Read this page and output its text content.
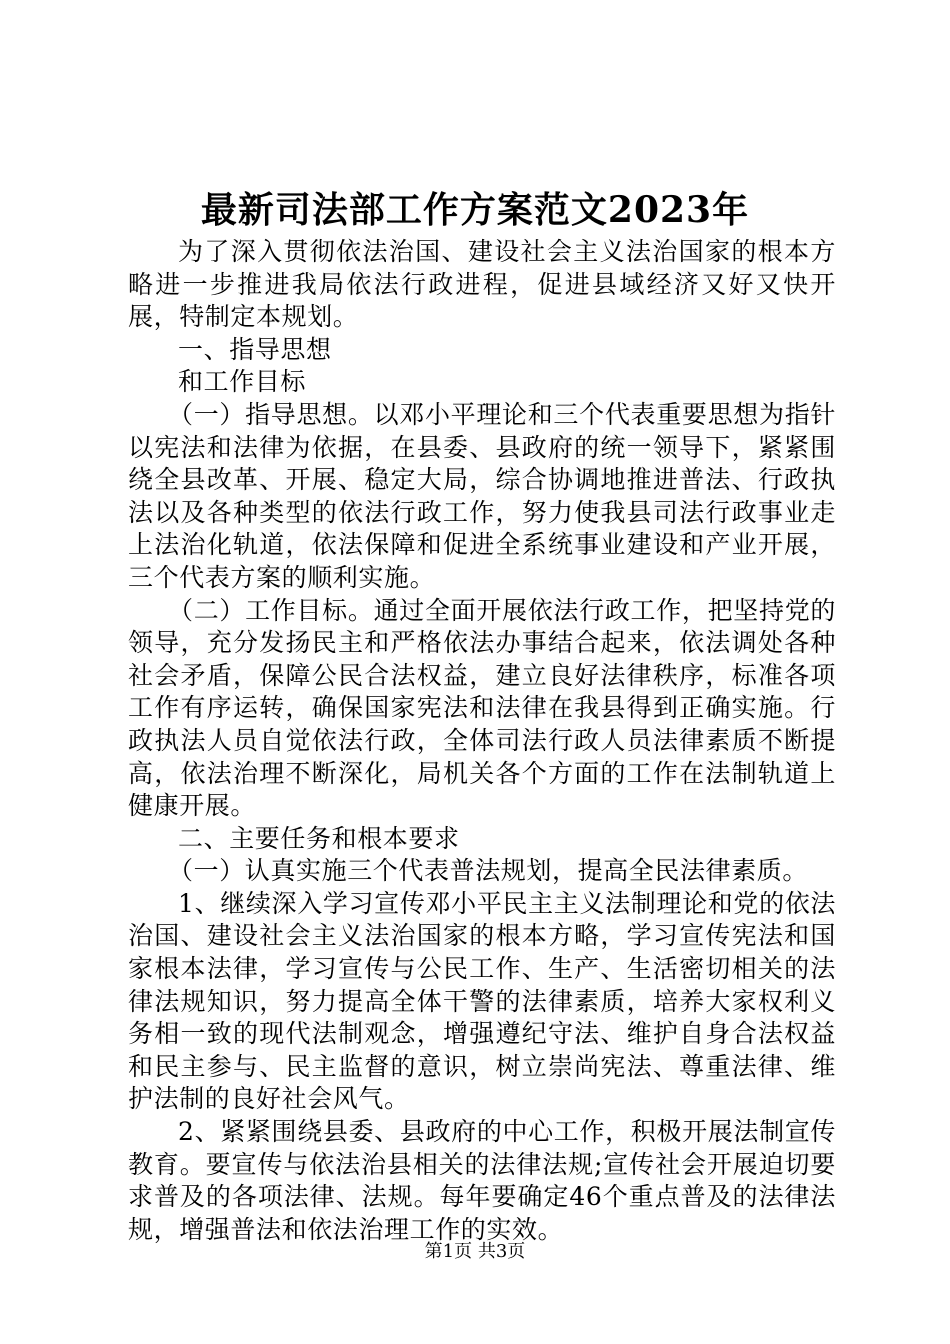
最新司法部工作方案范文2023年

为了深入贯彻依法治国、建设社会主义法治国家的根本方略进一步推进我局依法行政进程，促进县域经济又好又快开展，特制定本规划。

一、指导思想

和工作目标

（一）指导思想。以邓小平理论和三个代表重要思想为指针以宪法和法律为依据，在县委、县政府的统一领导下，紧紧围绕全县改革、开展、稳定大局，综合协调地推进普法、行政执法以及各种类型的依法行政工作，努力使我县司法行政事业走上法治化轨道，依法保障和促进全系统事业建设和产业开展，三个代表方案的顺利实施。

（二）工作目标。通过全面开展依法行政工作，把坚持党的领导，充分发扬民主和严格依法办事结合起来，依法调处各种社会矛盾，保障公民合法权益，建立良好法律秩序，标准各项工作有序运转，确保国家宪法和法律在我县得到正确实施。行政执法人员自觉依法行政，全体司法行政人员法律素质不断提高，依法治理不断深化，局机关各个方面的工作在法制轨道上健康开展。

二、主要任务和根本要求

（一）认真实施三个代表普法规划，提高全民法律素质。

1、继续深入学习宣传邓小平民主主义法制理论和党的依法治国、建设社会主义法治国家的根本方略，学习宣传宪法和国家根本法律，学习宣传与公民工作、生产、生活密切相关的法律法规知识，努力提高全体干警的法律素质，培养大家权利义务相一致的现代法制观念，增强遵纪守法、维护自身合法权益和民主参与、民主监督的意识，树立崇尚宪法、尊重法律、维护法制的良好社会风气。

2、紧紧围绕县委、县政府的中心工作，积极开展法制宣传教育。要宣传与依法治县相关的法律法规;宣传社会开展迫切要求普及的各项法律、法规。每年要确定46个重点普及的法律法规，增强普法和依法治理工作的实效。

第1页 共3页
